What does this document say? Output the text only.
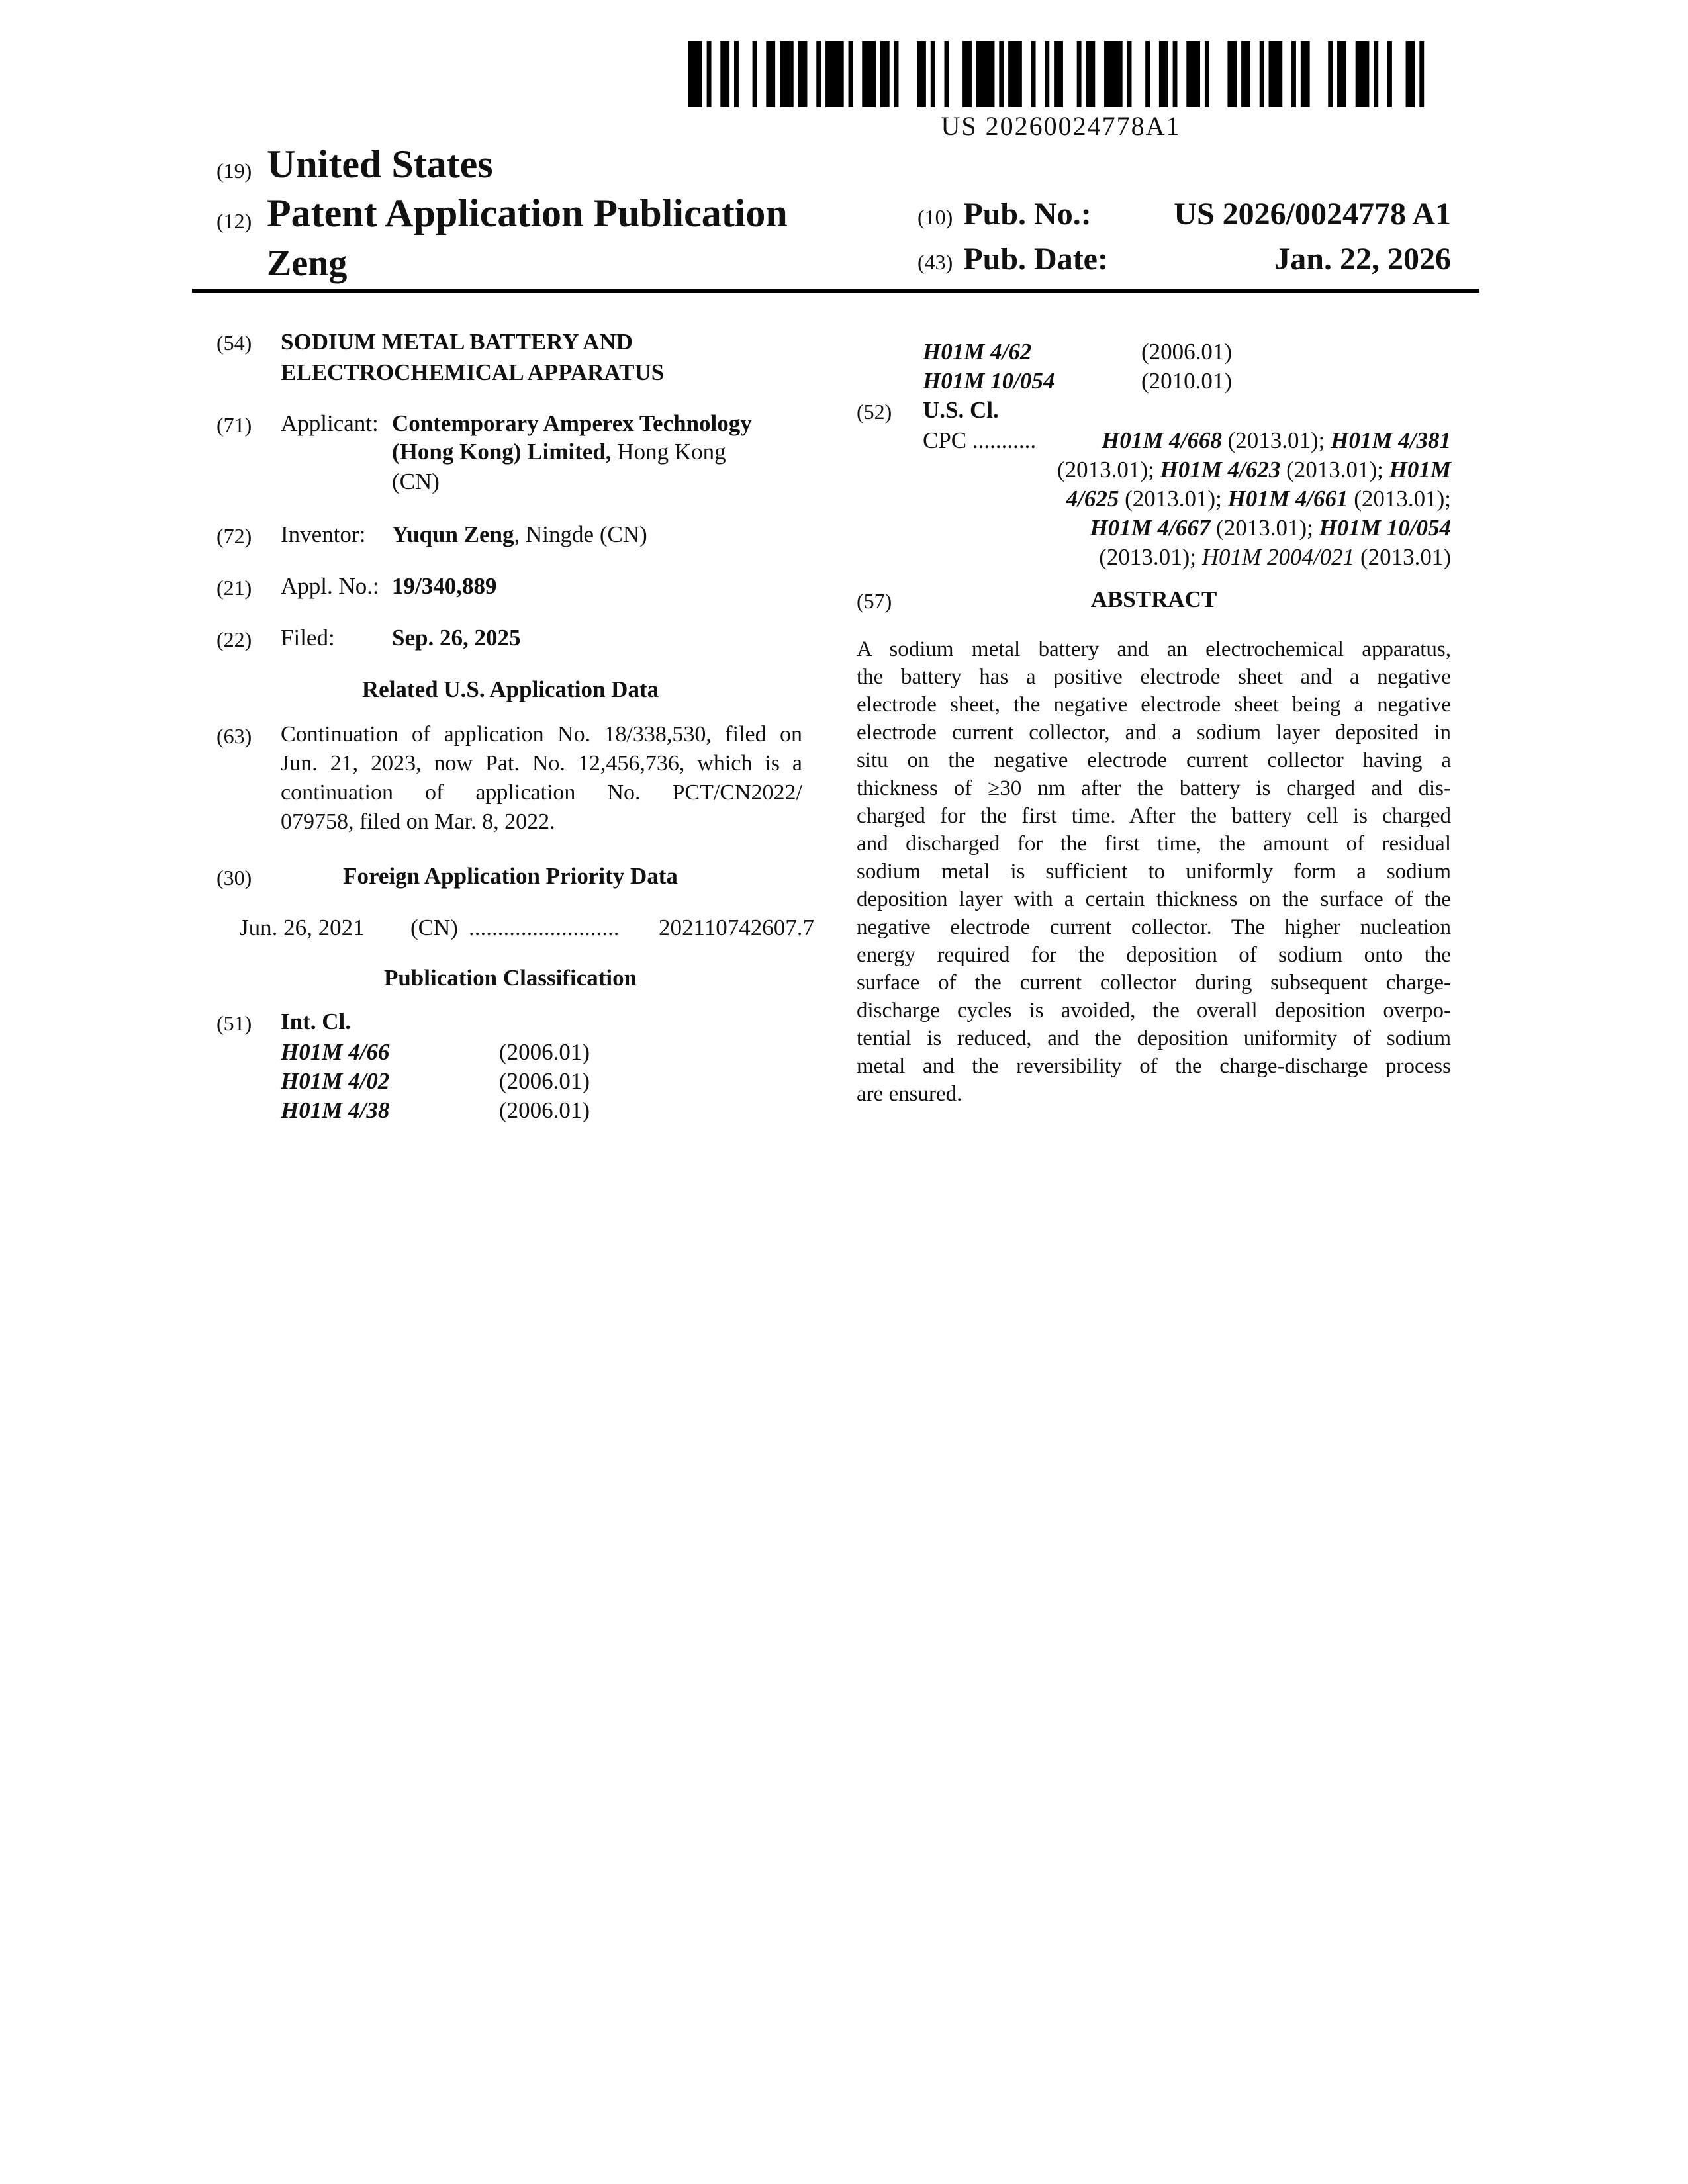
US 20260024778A1
(19) United States
(12) Patent Application Publication
Zeng
(10) Pub. No.:	US 2026/0024778 A1
(43) Pub. Date:	Jan. 22, 2026
(54) SODIUM METAL BATTERY AND
ELECTROCHEMICAL APPARATUS
(71) Applicant: Contemporary Amperex Technology
(Hong Kong) Limited, Hong Kong
(CN)
(72) Inventor: Yuqun Zeng, Ningde (CN)
(21) Appl. No.: 19/340,889
(22) Filed: Sep. 26, 2025
Related U.S. Application Data
(63) Continuation of application No. 18/338,530, filed on
Jun. 21, 2023, now Pat. No. 12,456,736, which is a
continuation of application No. PCT/CN2022/
079758, filed on Mar. 8, 2022.
(30)	Foreign Application Priority Data
Jun. 26, 2021 (CN) .......................... 202110742607.7
Publication Classification
(51) Int. Cl.
H01M 4/66	(2006.01)
H01M 4/02	(2006.01)
H01M 4/38	(2006.01)
H01M 4/62	(2006.01)
H01M 10/054	(2010.01)
(52) U.S. Cl.
CPC ...........	H01M 4/668 (2013.01); H01M 4/381
(2013.01); H01M 4/623 (2013.01); H01M
4/625 (2013.01); H01M 4/661 (2013.01);
H01M 4/667 (2013.01); H01M 10/054
(2013.01); H01M 2004/021 (2013.01)
(57)	ABSTRACT
A sodium metal battery and an electrochemical apparatus,
the battery has a positive electrode sheet and a negative
electrode sheet, the negative electrode sheet being a negative
electrode current collector, and a sodium layer deposited in
situ on the negative electrode current collector having a
thickness of ≥30 nm after the battery is charged and dis-
charged for the first time. After the battery cell is charged
and discharged for the first time, the amount of residual
sodium metal is sufficient to uniformly form a sodium
deposition layer with a certain thickness on the surface of the
negative electrode current collector. The higher nucleation
energy required for the deposition of sodium onto the
surface of the current collector during subsequent charge-
discharge cycles is avoided, the overall deposition overpo-
tential is reduced, and the deposition uniformity of sodium
metal and the reversibility of the charge-discharge process
are ensured.
